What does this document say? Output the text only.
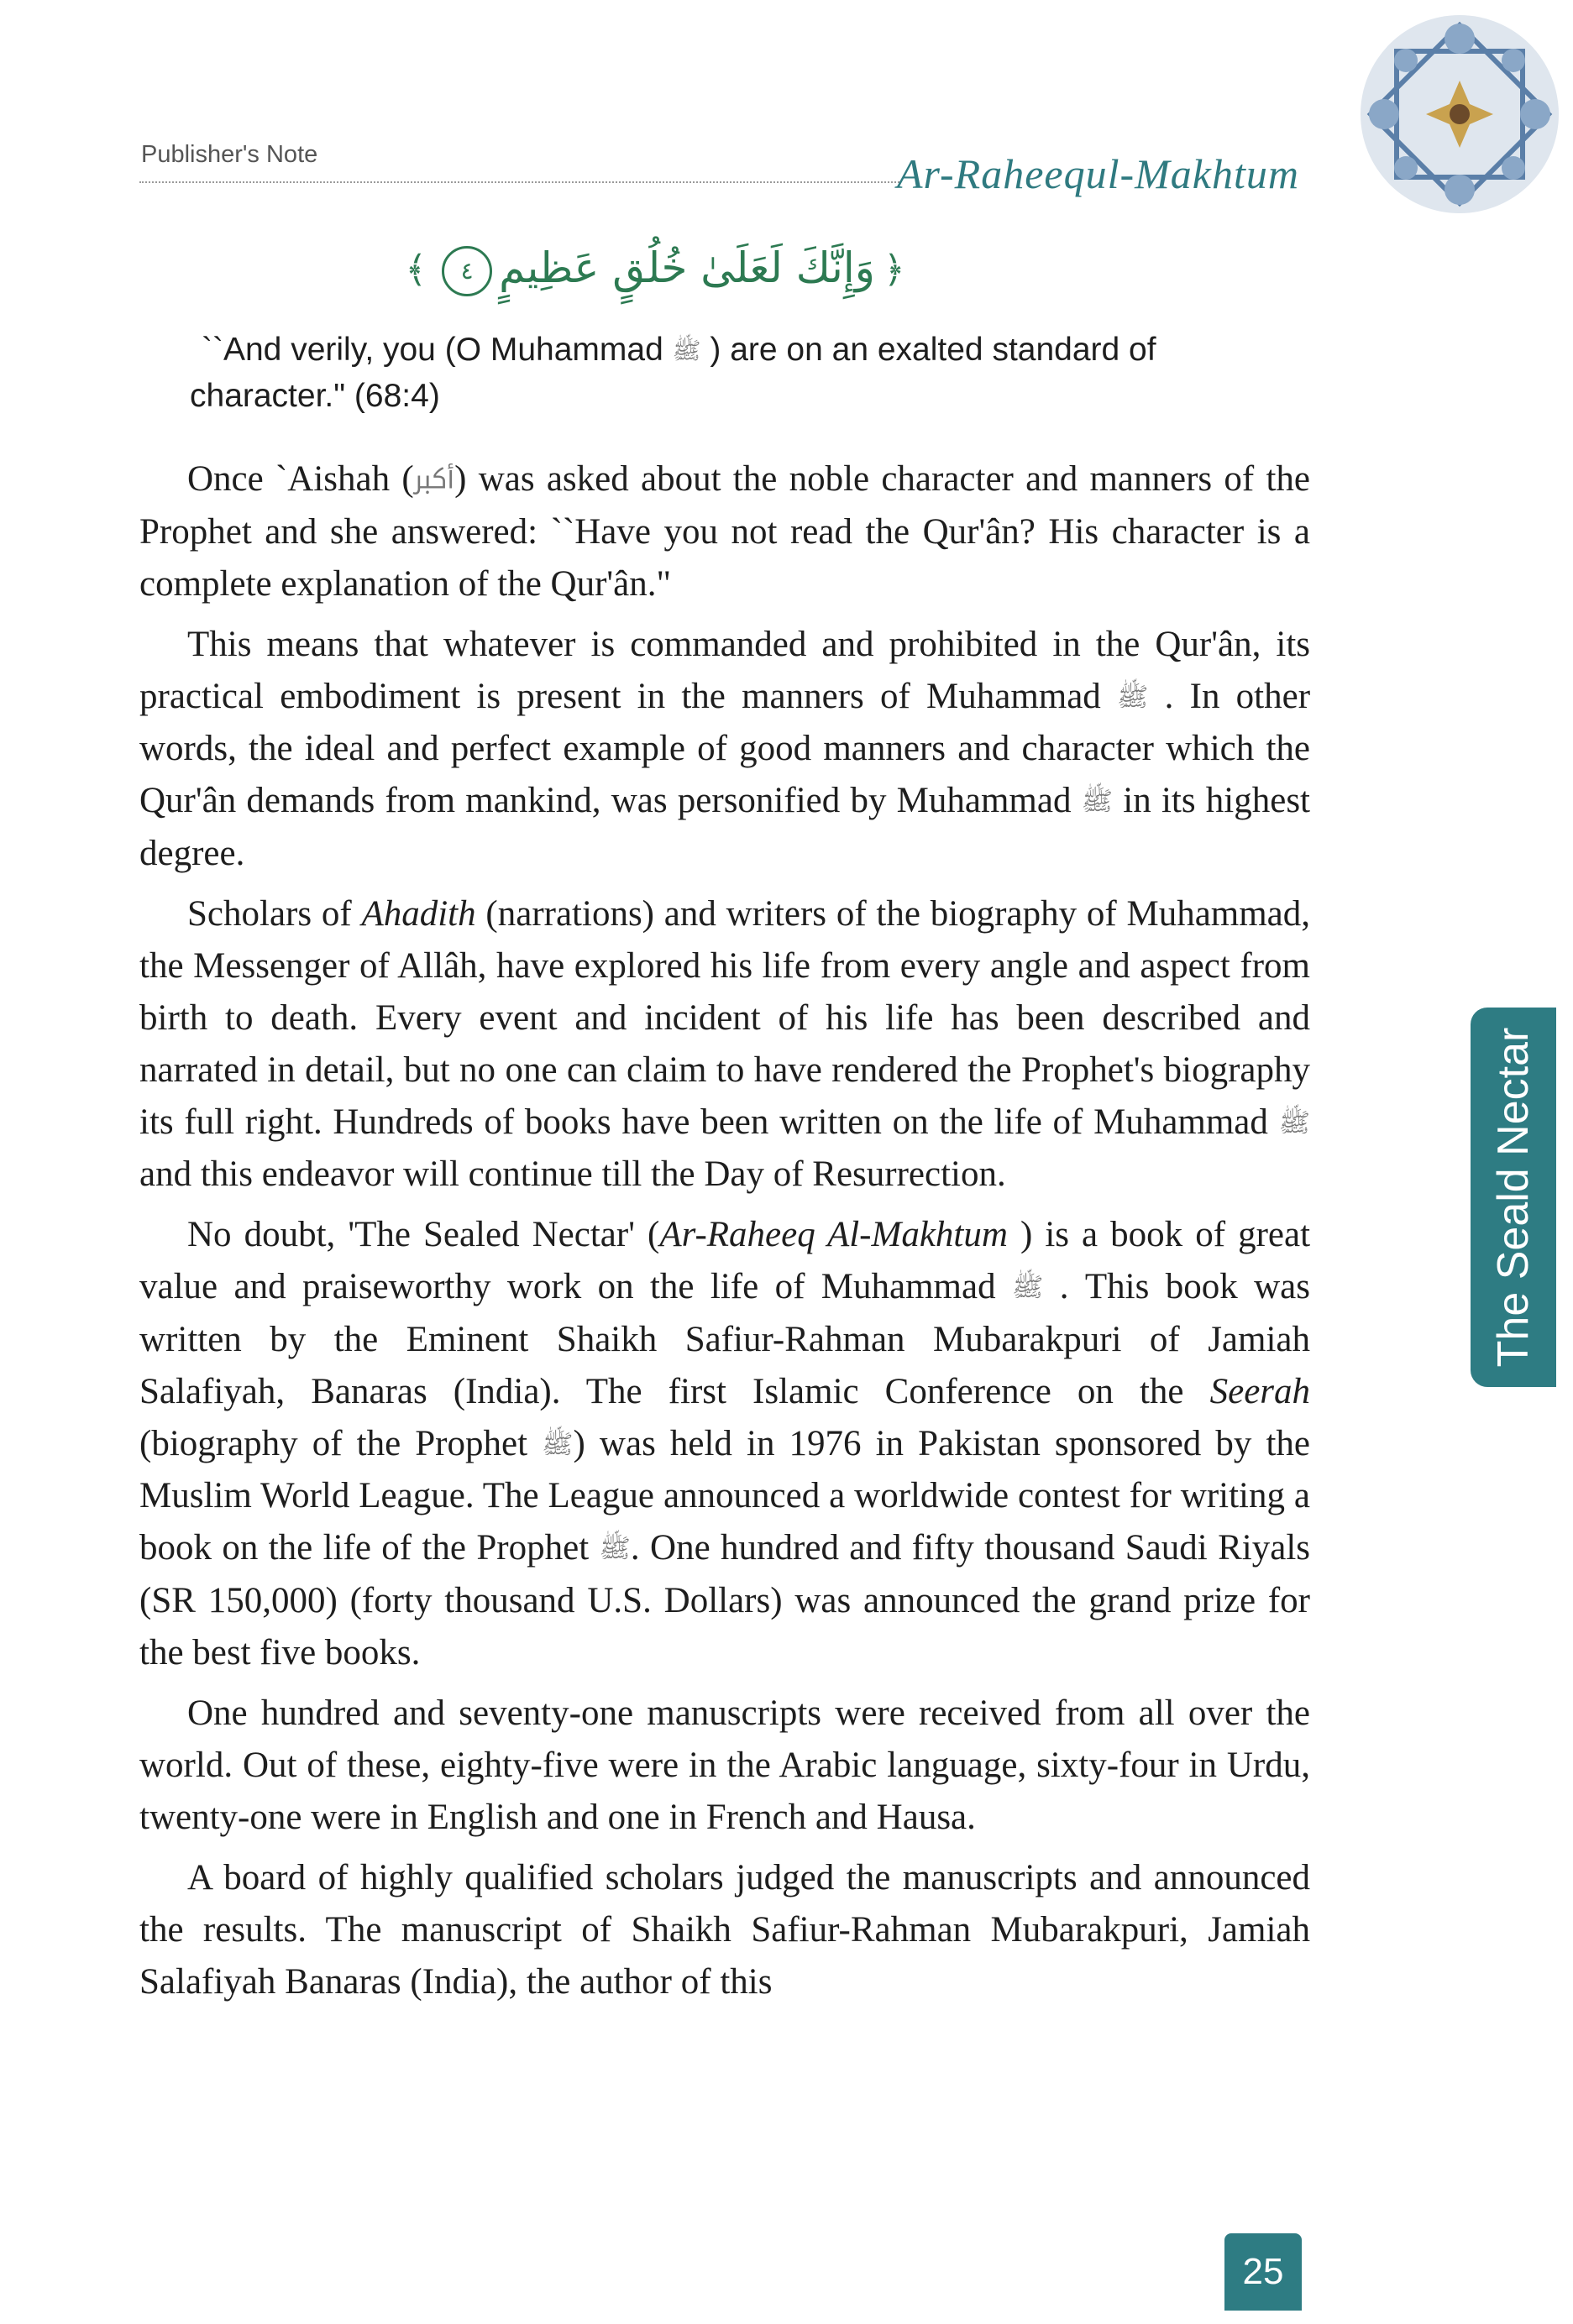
Publisher's Note	Ar-Raheequl-Makhtum
﴿وَإِنَّكَ لَعَلَىٰ خُلُقٍ عَظِيمٍ٤﴾
``And verily, you (O Muhammad ﷺ ) are on an exalted standard of character." (68:4)

Once `Aishah (ﷳ) was asked about the noble character and manners of the Prophet and she answered: ``Have you not read the Qur'ân? His character is a complete explanation of the Qur'ân."

This means that whatever is commanded and prohibited in the Qur'ân, its practical embodiment is present in the manners of Muhammad ﷺ . In other words, the ideal and perfect example of good manners and character which the Qur'ân demands from mankind, was personified by Muhammad ﷺ in its highest degree.

Scholars of Ahadith (narrations) and writers of the biography of Muhammad, the Messenger of Allâh, have explored his life from every angle and aspect from birth to death. Every event and incident of his life has been described and narrated in detail, but no one can claim to have rendered the Prophet's biography its full right. Hundreds of books have been written on the life of Muhammad ﷺ and this endeavor will continue till the Day of Resurrection.

No doubt, 'The Sealed Nectar' (Ar-Raheeq Al-Makhtum ) is a book of great value and praiseworthy work on the life of Muhammad ﷺ . This book was written by the Eminent Shaikh Safiur-Rahman Mubarakpuri of Jamiah Salafiyah, Banaras (India). The first Islamic Conference on the Seerah (biography of the Prophet ﷺ) was held in 1976 in Pakistan sponsored by the Muslim World League. The League announced a worldwide contest for writing a book on the life of the Prophet ﷺ. One hundred and fifty thousand Saudi Riyals (SR 150,000) (forty thousand U.S. Dollars) was announced the grand prize for the best five books.

One hundred and seventy-one manuscripts were received from all over the world. Out of these, eighty-five were in the Arabic language, sixty-four in Urdu, twenty-one were in English and one in French and Hausa.

A board of highly qualified scholars judged the manuscripts and announced the results. The manuscript of Shaikh Safiur-Rahman Mubarakpuri, Jamiah Salafiyah Banaras (India), the author of this

The Seald Nectar
25
